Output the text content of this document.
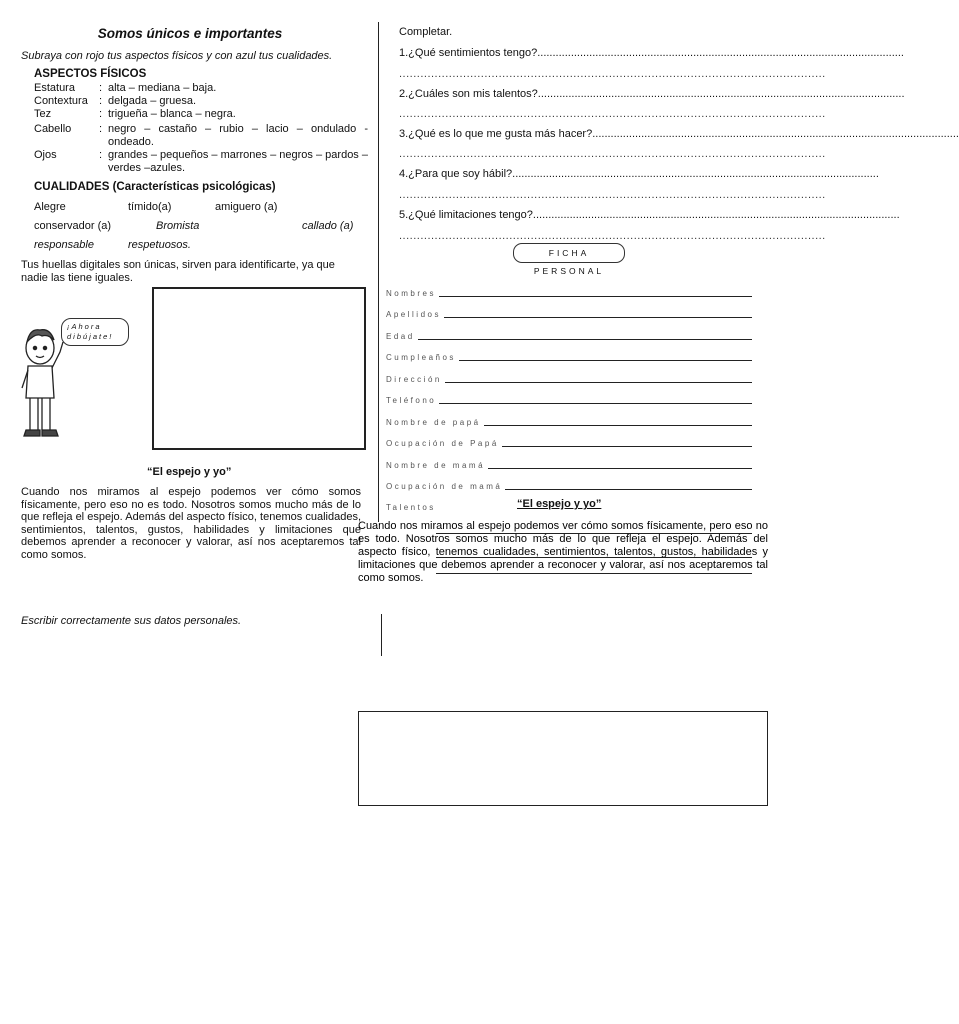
Somos únicos e importantes
Subraya con rojo tus aspectos físicos y con azul tus cualidades.
ASPECTOS FÍSICOS
Estatura	: alta – mediana – baja.
Contextura	: delgada – gruesa.
Tez	: trigueña – blanca – negra.
Cabello	: negro – castaño – rubio – lacio – ondulado - ondeado.
Ojos	: grandes – pequeños – marrones – negros – pardos – verdes –azules.
CUALIDADES (Características psicológicas)
Alegre	tímido(a)	amiguero (a)
conservador (a)	Bromista	callado (a)
responsable	respetuosos.
Tus huellas digitales son únicas, sirven para identificarte, ya que nadie las tiene iguales.
¡Ahora
dibújate!
“El espejo y yo”
Cuando nos miramos al espejo podemos ver cómo somos físicamente, pero eso no es todo. Nosotros somos mucho más de lo que refleja el espejo. Además del aspecto físico, tenemos cualidades, sentimientos, talentos, gustos, habilidades y limitaciones que debemos aprender a reconocer y valorar, así nos aceptaremos tal como somos.
Escribir correctamente sus datos personales.
Completar.
1.¿Qué sentimientos tengo?........................................................................................................................
........................................................................................................................
2.¿Cuáles son mis talentos?........................................................................................................................
........................................................................................................................
3.¿Qué es lo que me gusta más hacer?........................................................................................................................
........................................................................................................................
4.¿Para que soy hábil?........................................................................................................................
........................................................................................................................
5.¿Qué limitaciones tengo?........................................................................................................................
........................................................................................................................
FICHA PERSONAL
Nombres
Apellidos
Edad
Cumpleaños
Dirección
Teléfono
Nombre de papá
Ocupación de Papá
Nombre de mamá
Ocupación de mamá
Talentos	“El espejo y yo”
Cuando nos miramos al espejo podemos ver cómo somos físicamente, pero eso no es todo. Nosotros somos mucho más de lo que refleja el espejo. Además del aspecto físico, tenemos cualidades, sentimientos, talentos, gustos, habilidades y limitaciones que debemos aprender a reconocer y valorar, así nos aceptaremos tal como somos.
